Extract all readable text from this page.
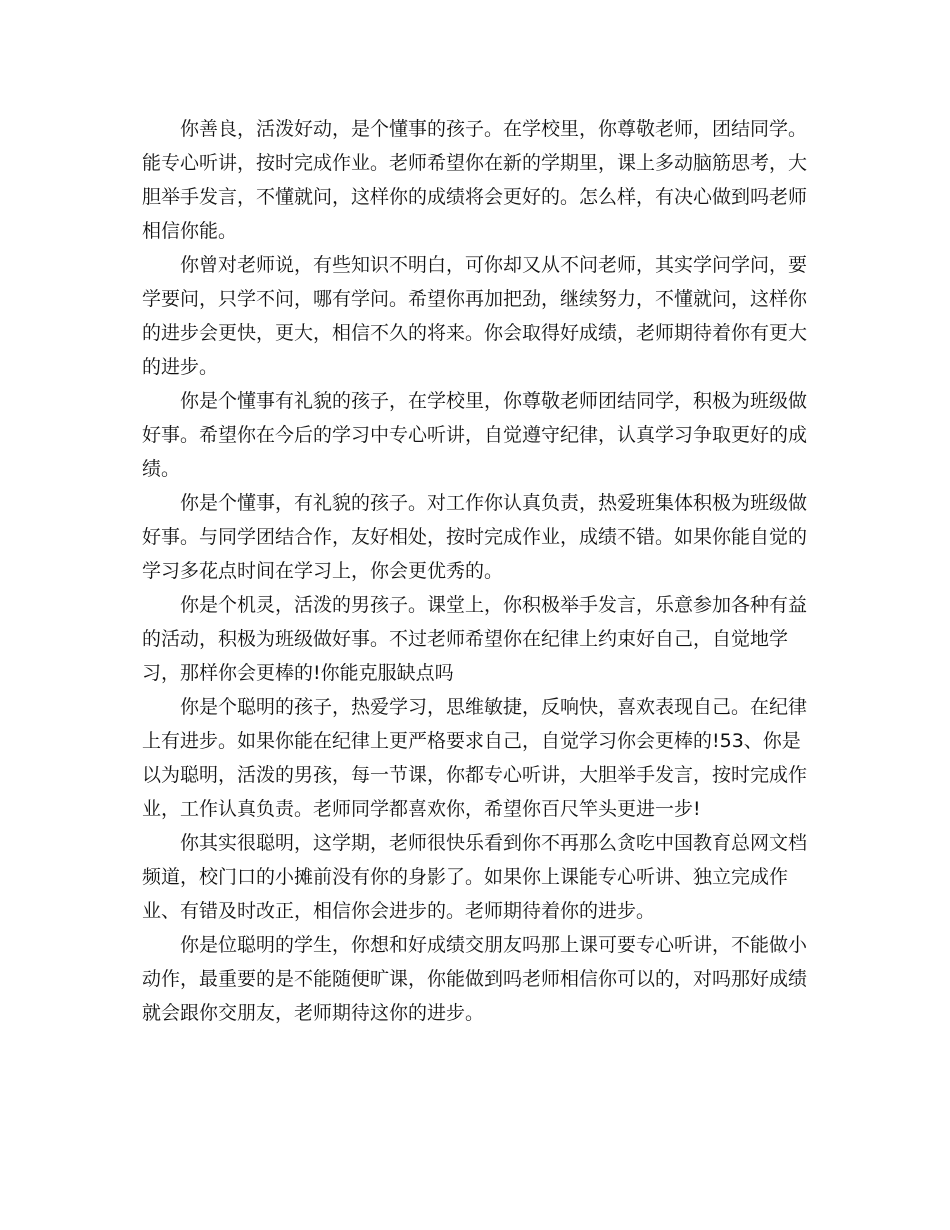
你善良，活泼好动，是个懂事的孩子。在学校里，你尊敬老师，团结同学。能专心听讲，按时完成作业。老师希望你在新的学期里，课上多动脑筋思考，大胆举手发言，不懂就问，这样你的成绩将会更好的。怎么样，有决心做到吗老师相信你能。

你曾对老师说，有些知识不明白，可你却又从不问老师，其实学问学问，要学要问，只学不问，哪有学问。希望你再加把劲，继续努力，不懂就问，这样你的进步会更快，更大，相信不久的将来。你会取得好成绩，老师期待着你有更大的进步。

你是个懂事有礼貌的孩子，在学校里，你尊敬老师团结同学，积极为班级做好事。希望你在今后的学习中专心听讲，自觉遵守纪律，认真学习争取更好的成绩。

你是个懂事，有礼貌的孩子。对工作你认真负责，热爱班集体积极为班级做好事。与同学团结合作，友好相处，按时完成作业，成绩不错。如果你能自觉的学习多花点时间在学习上，你会更优秀的。

你是个机灵，活泼的男孩子。课堂上，你积极举手发言，乐意参加各种有益的活动，积极为班级做好事。不过老师希望你在纪律上约束好自己，自觉地学习，那样你会更棒的!你能克服缺点吗

你是个聪明的孩子，热爱学习，思维敏捷，反响快，喜欢表现自己。在纪律上有进步。如果你能在纪律上更严格要求自己，自觉学习你会更棒的!53、你是以为聪明，活泼的男孩，每一节课，你都专心听讲，大胆举手发言，按时完成作业，工作认真负责。老师同学都喜欢你，希望你百尺竿头更进一步!

你其实很聪明，这学期，老师很快乐看到你不再那么贪吃中国教育总网文档频道，校门口的小摊前没有你的身影了。如果你上课能专心听讲、独立完成作业、有错及时改正，相信你会进步的。老师期待着你的进步。

你是位聪明的学生，你想和好成绩交朋友吗那上课可要专心听讲，不能做小动作，最重要的是不能随便旷课，你能做到吗老师相信你可以的，对吗那好成绩就会跟你交朋友，老师期待这你的进步。
